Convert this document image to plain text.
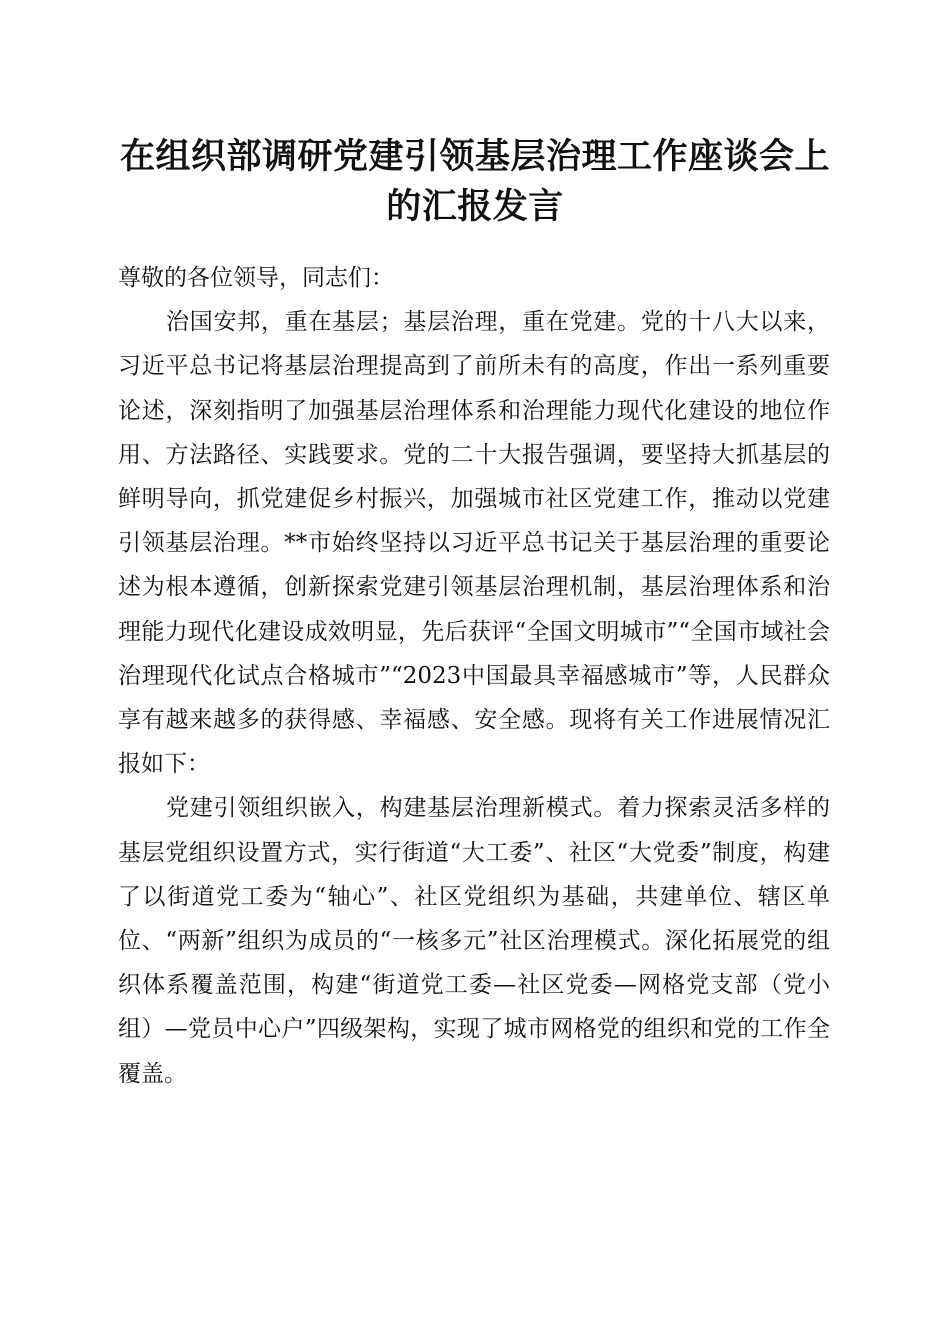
在组织部调研党建引领基层治理工作座谈会上
的汇报发言

尊敬的各位领导，同志们：

治国安邦，重在基层；基层治理，重在党建。党的十八大以来，习近平总书记将基层治理提高到了前所未有的高度，作出一系列重要论述，深刻指明了加强基层治理体系和治理能力现代化建设的地位作用、方法路径、实践要求。党的二十大报告强调，要坚持大抓基层的鲜明导向，抓党建促乡村振兴，加强城市社区党建工作，推动以党建引领基层治理。**市始终坚持以习近平总书记关于基层治理的重要论述为根本遵循，创新探索党建引领基层治理机制，基层治理体系和治理能力现代化建设成效明显，先后获评“全国文明城市”“全国市域社会治理现代化试点合格城市”“2023中国最具幸福感城市”等，人民群众享有越来越多的获得感、幸福感、安全感。现将有关工作进展情况汇报如下：

党建引领组织嵌入，构建基层治理新模式。着力探索灵活多样的基层党组织设置方式，实行街道“大工委”、社区“大党委”制度，构建了以街道党工委为“轴心”、社区党组织为基础，共建单位、辖区单位、“两新”组织为成员的“一核多元”社区治理模式。深化拓展党的组织体系覆盖范围，构建“街道党工委—社区党委—网格党支部（党小组）—党员中心户”四级架构，实现了城市网格党的组织和党的工作全覆盖。
